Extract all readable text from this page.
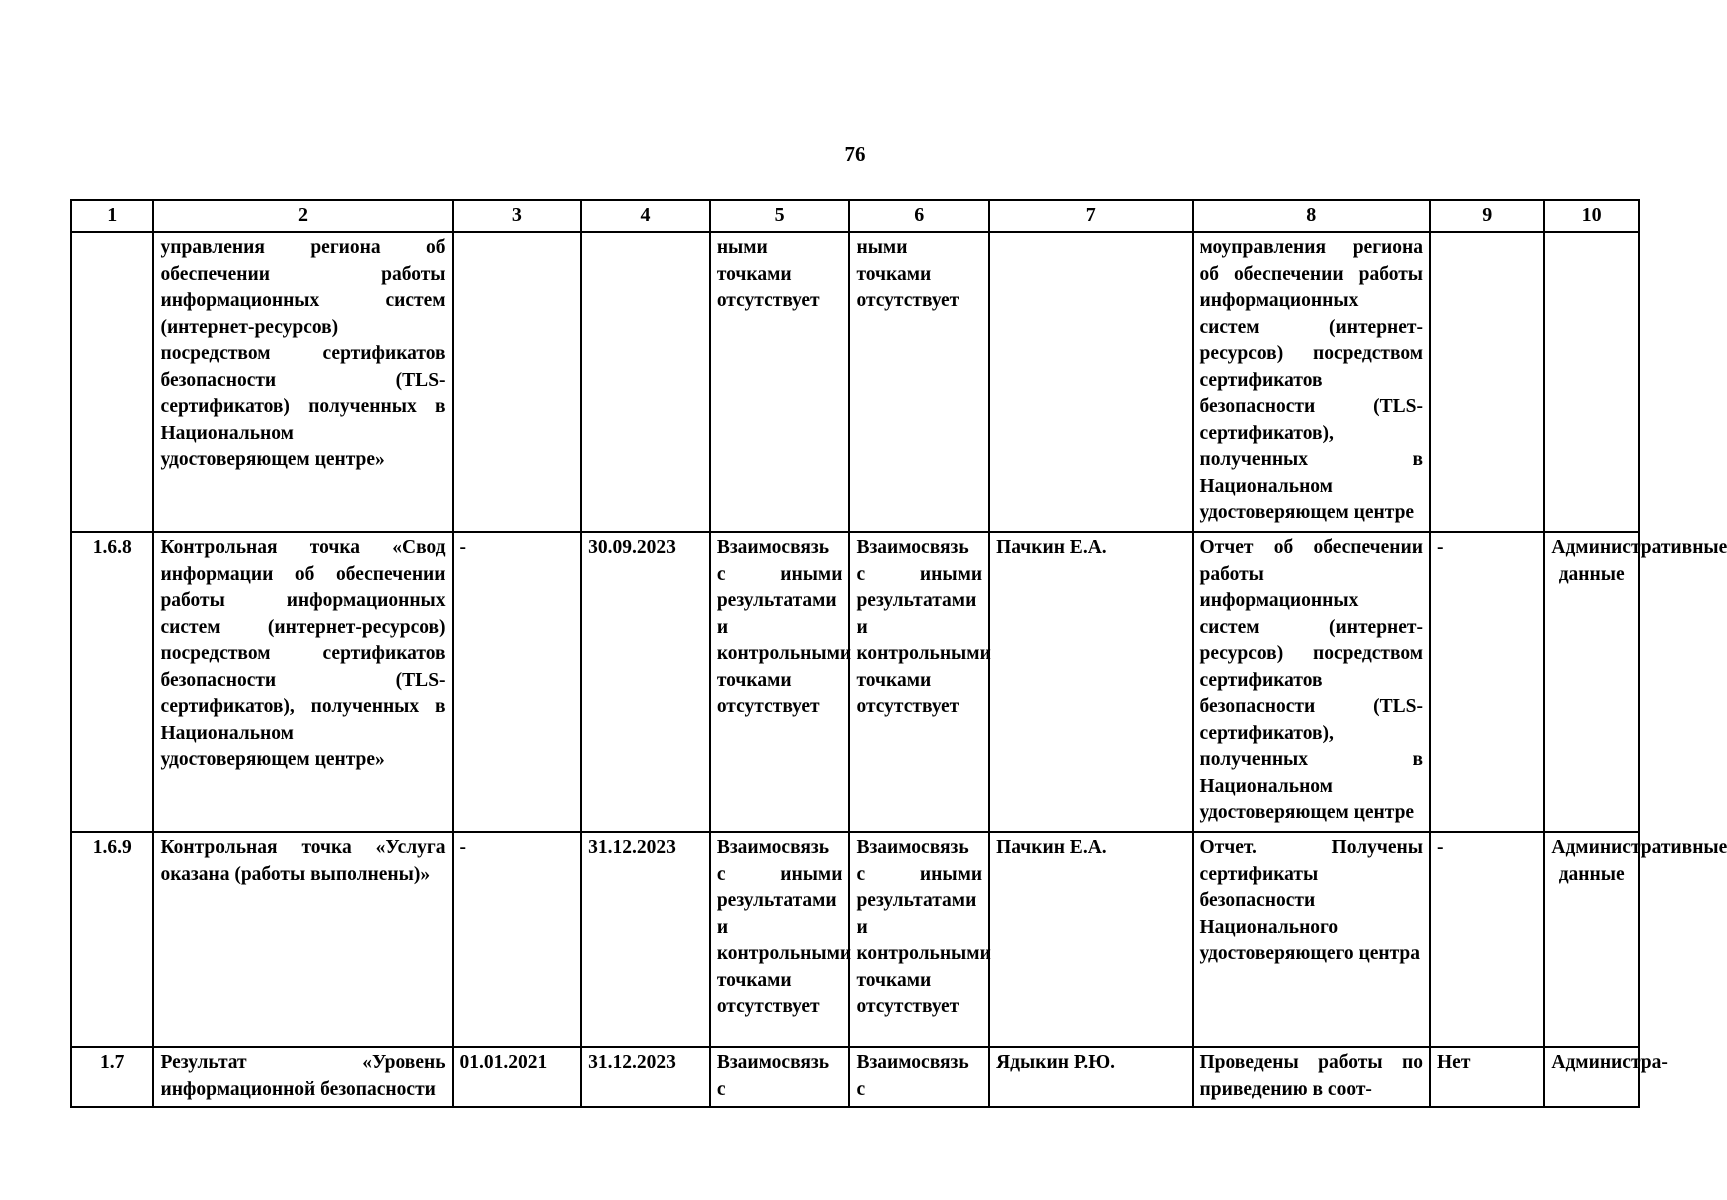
76
1	2	3	4	5	6	7	8	9	10
	управления региона об обеспечении работы информационных систем (интернет-ресурсов) посредством сертификатов безопасности (TLS-сертификатов) полученных в Национальном удостоверяющем центре»			ными точками отсутствует	ными точками отсутствует		моуправления региона об обеспечении работы информационных систем (интернет-ресурсов) посредством сертификатов безопасности (TLS-сертификатов), полученных в Национальном удостоверяющем центре		
1.6.8	Контрольная точка «Свод информации об обеспечении работы информационных систем (интернет-ресурсов) посредством сертификатов безопасности (TLS-сертификатов), полученных в Национальном удостоверяющем центре»	-	30.09.2023	Взаимосвязь с иными результатами и контрольными точками отсутствует	Взаимосвязь с иными результатами и контрольными точками отсутствует	Пачкин Е.А.	Отчет об обеспечении работы информационных систем (интернет-ресурсов) посредством сертификатов безопасности (TLS-сертификатов), полученных в Национальном удостоверяющем центре	-	Административные данные
1.6.9	Контрольная точка «Услуга оказана (работы выполнены)»	-	31.12.2023	Взаимосвязь с иными результатами и контрольными точками отсутствует	Взаимосвязь с иными результатами и контрольными точками отсутствует	Пачкин Е.А.	Отчет. Получены сертификаты безопасности Национального удостоверяющего центра	-	Административные данные
1.7	Результат «Уровень информационной безопасности	01.01.2021	31.12.2023	Взаимосвязь с	Взаимосвязь с	Ядыкин Р.Ю.	Проведены работы по приведению в соот-	Нет	Администра-
